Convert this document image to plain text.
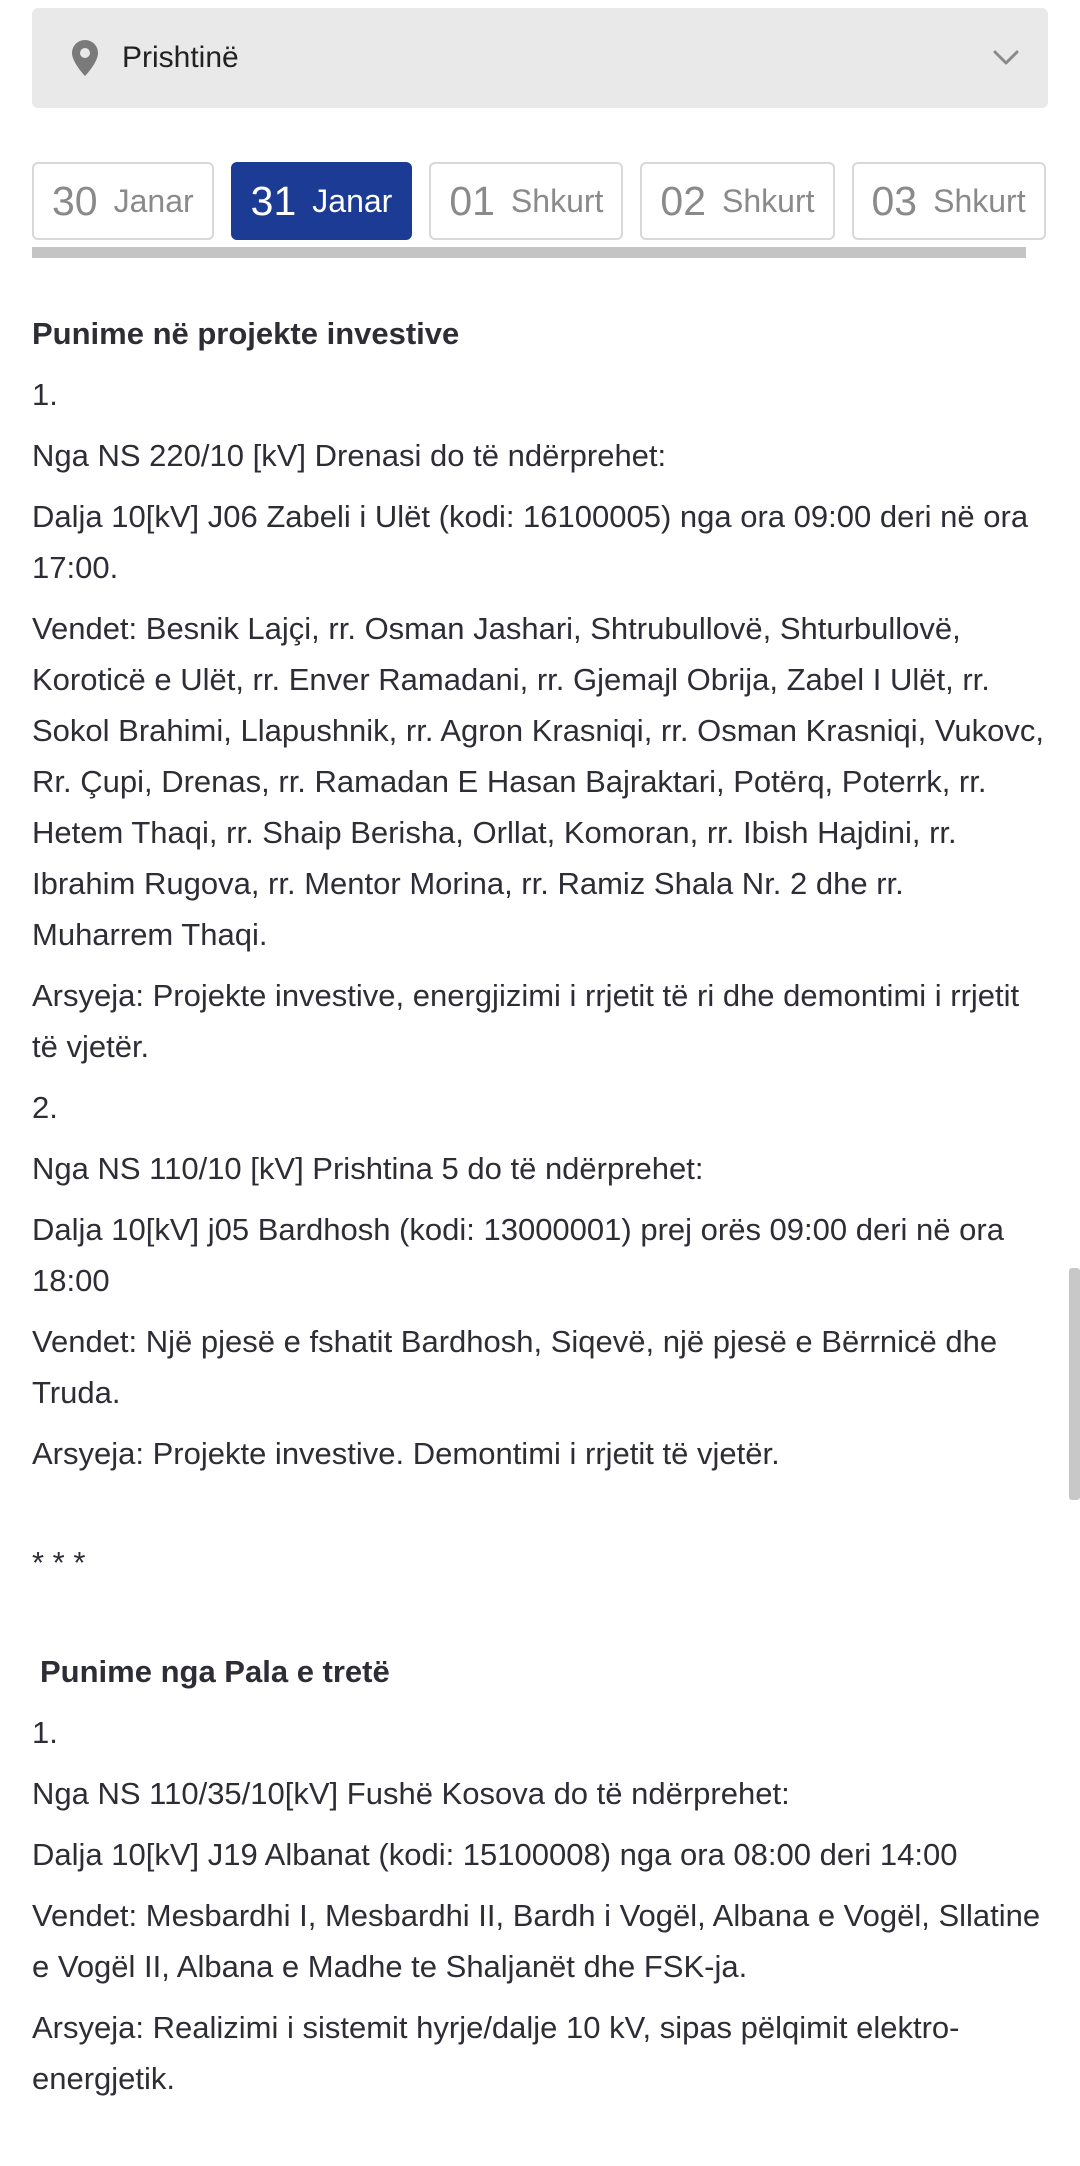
Prishtinë
30 Janar 31 Janar 01 Shkurt 02 Shkurt 03 Shkurt
Punime në projekte investive

1.

Nga NS 220/10 [kV] Drenasi do të ndërprehet:

Dalja 10[kV] J06 Zabeli i Ulët (kodi: 16100005) nga ora 09:00 deri në ora 17:00.

Vendet: Besnik Lajçi, rr. Osman Jashari, Shtrubullovë, Shturbullovë, Koroticë e Ulët, rr. Enver Ramadani, rr. Gjemajl Obrija, Zabel I Ulët, rr. Sokol Brahimi, Llapushnik, rr. Agron Krasniqi, rr. Osman Krasniqi, Vukovc, Rr. Çupi, Drenas, rr. Ramadan E Hasan Bajraktari, Potërq, Poterrk, rr. Hetem Thaqi, rr. Shaip Berisha, Orllat, Komoran, rr. Ibish Hajdini, rr. Ibrahim Rugova, rr. Mentor Morina, rr. Ramiz Shala Nr. 2 dhe rr. Muharrem Thaqi.

Arsyeja: Projekte investive, energjizimi i rrjetit të ri dhe demontimi i rrjetit të vjetër.

2.

Nga NS 110/10 [kV] Prishtina 5 do të ndërprehet:

Dalja 10[kV] j05 Bardhosh (kodi: 13000001) prej orës 09:00 deri në ora 18:00

Vendet: Një pjesë e fshatit Bardhosh, Siqevë, një pjesë e Bërrnicë dhe Truda.

Arsyeja: Projekte investive. Demontimi i rrjetit të vjetër.

* * *

Punime nga Pala e tretë

1.

Nga NS 110/35/10[kV] Fushë Kosova do të ndërprehet:

Dalja 10[kV] J19 Albanat (kodi: 15100008) nga ora 08:00 deri 14:00

Vendet: Mesbardhi I, Mesbardhi II, Bardh i Vogël, Albana e Vogël, Sllatine e Vogël II, Albana e Madhe te Shaljanët dhe FSK-ja.

Arsyeja: Realizimi i sistemit hyrje/dalje 10 kV, sipas pëlqimit elektro-energjetik.
